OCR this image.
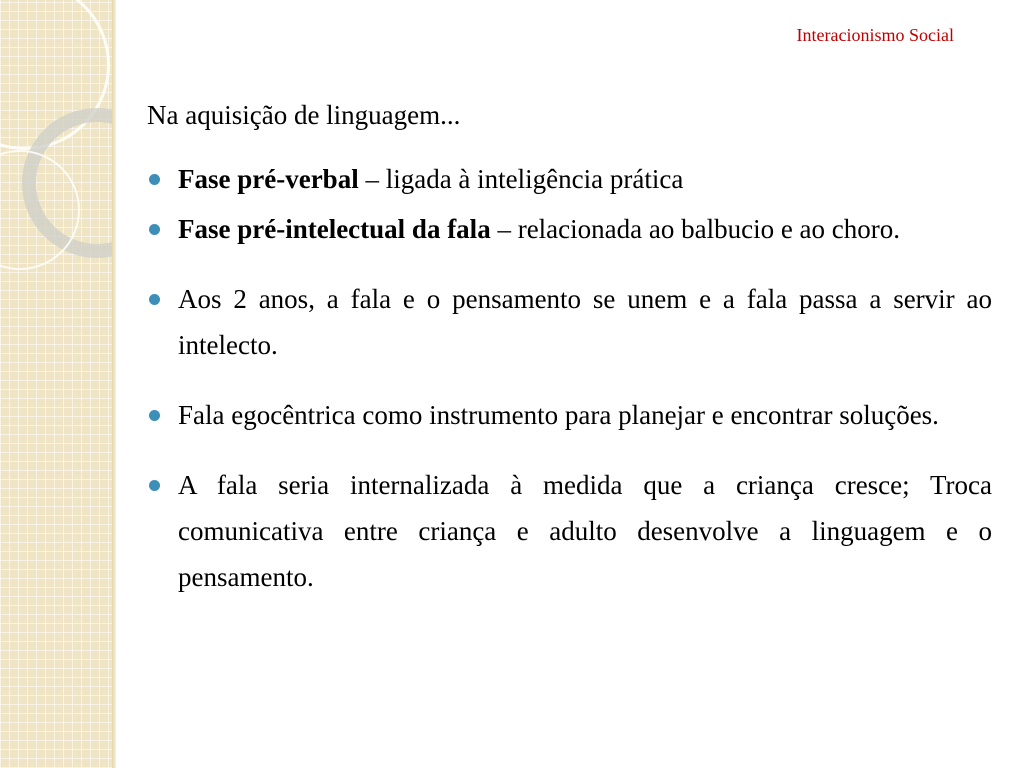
Interacionismo Social

Na aquisição de linguagem...

Fase pré-verbal – ligada à inteligência prática
Fase pré-intelectual da fala – relacionada ao balbucio e ao choro.
Aos 2 anos, a fala e o pensamento se unem e a fala passa a servir ao intelecto.
Fala egocêntrica como instrumento para planejar e encontrar soluções.
A fala seria internalizada à medida que a criança cresce; Troca comunicativa entre criança e adulto desenvolve a linguagem e o pensamento.
